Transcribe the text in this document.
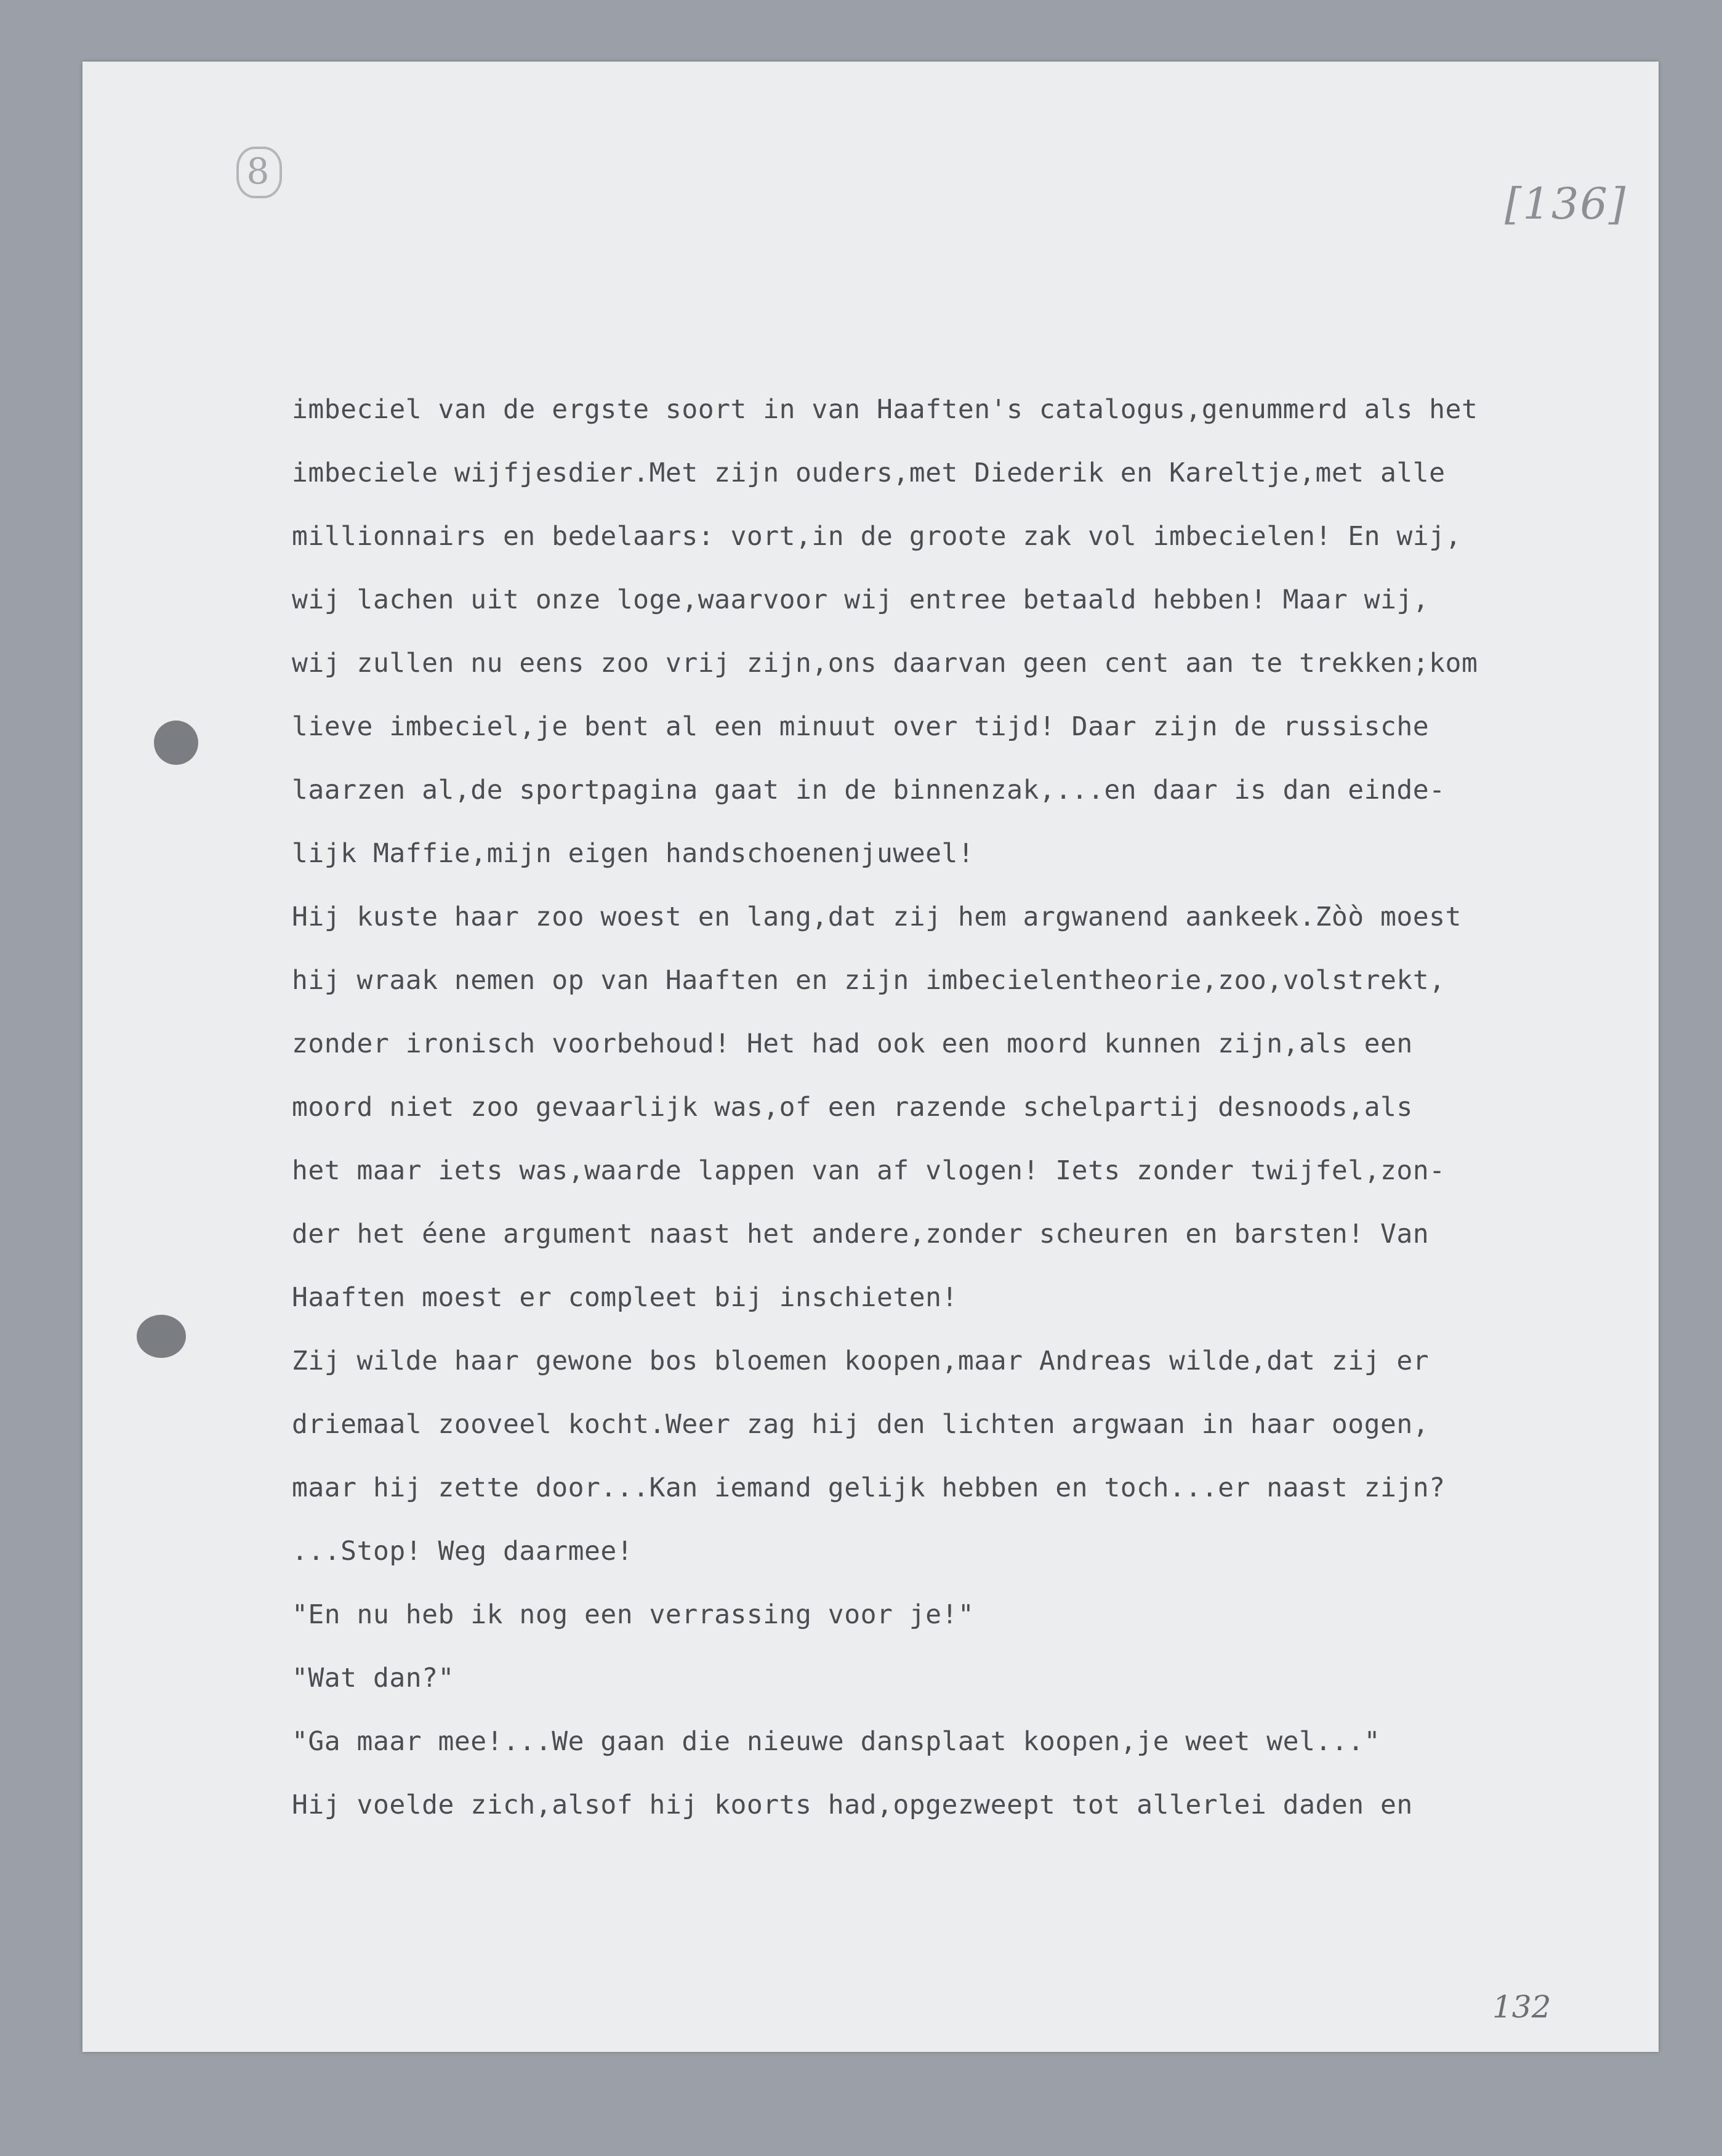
8
[136]
imbeciel van de ergste soort in van Haaften's catalogus,genummerd als het
imbeciele wijfjesdier.Met zijn ouders,met Diederik en Kareltje,met alle
millionnairs en bedelaars: vort,in de groote zak vol imbecielen! En wij,
wij lachen uit onze loge,waarvoor wij entree betaald hebben! Maar wij,
wij zullen nu eens zoo vrij zijn,ons daarvan geen cent aan te trekken;kom
lieve imbeciel,je bent al een minuut over tijd! Daar zijn de russische
laarzen al,de sportpagina gaat in de binnenzak,...en daar is dan einde-
lijk Maffie,mijn eigen handschoenenjuweel!
Hij kuste haar zoo woest en lang,dat zij hem argwanend aankeek.Zòò moest
hij wraak nemen op van Haaften en zijn imbecielentheorie,zoo,volstrekt,
zonder ironisch voorbehoud! Het had ook een moord kunnen zijn,als een
moord niet zoo gevaarlijk was,of een razende schelpartij desnoods,als
het maar iets was,waarde lappen van af vlogen! Iets zonder twijfel,zon-
der het éene argument naast het andere,zonder scheuren en barsten! Van
Haaften moest er compleet bij inschieten!
Zij wilde haar gewone bos bloemen koopen,maar Andreas wilde,dat zij er
driemaal zooveel kocht.Weer zag hij den lichten argwaan in haar oogen,
maar hij zette door...Kan iemand gelijk hebben en toch...er naast zijn?
...Stop! Weg daarmee!
"En nu heb ik nog een verrassing voor je!"
"Wat dan?"
"Ga maar mee!...We gaan die nieuwe dansplaat koopen,je weet wel..."
Hij voelde zich,alsof hij koorts had,opgezweept tot allerlei daden en
132
